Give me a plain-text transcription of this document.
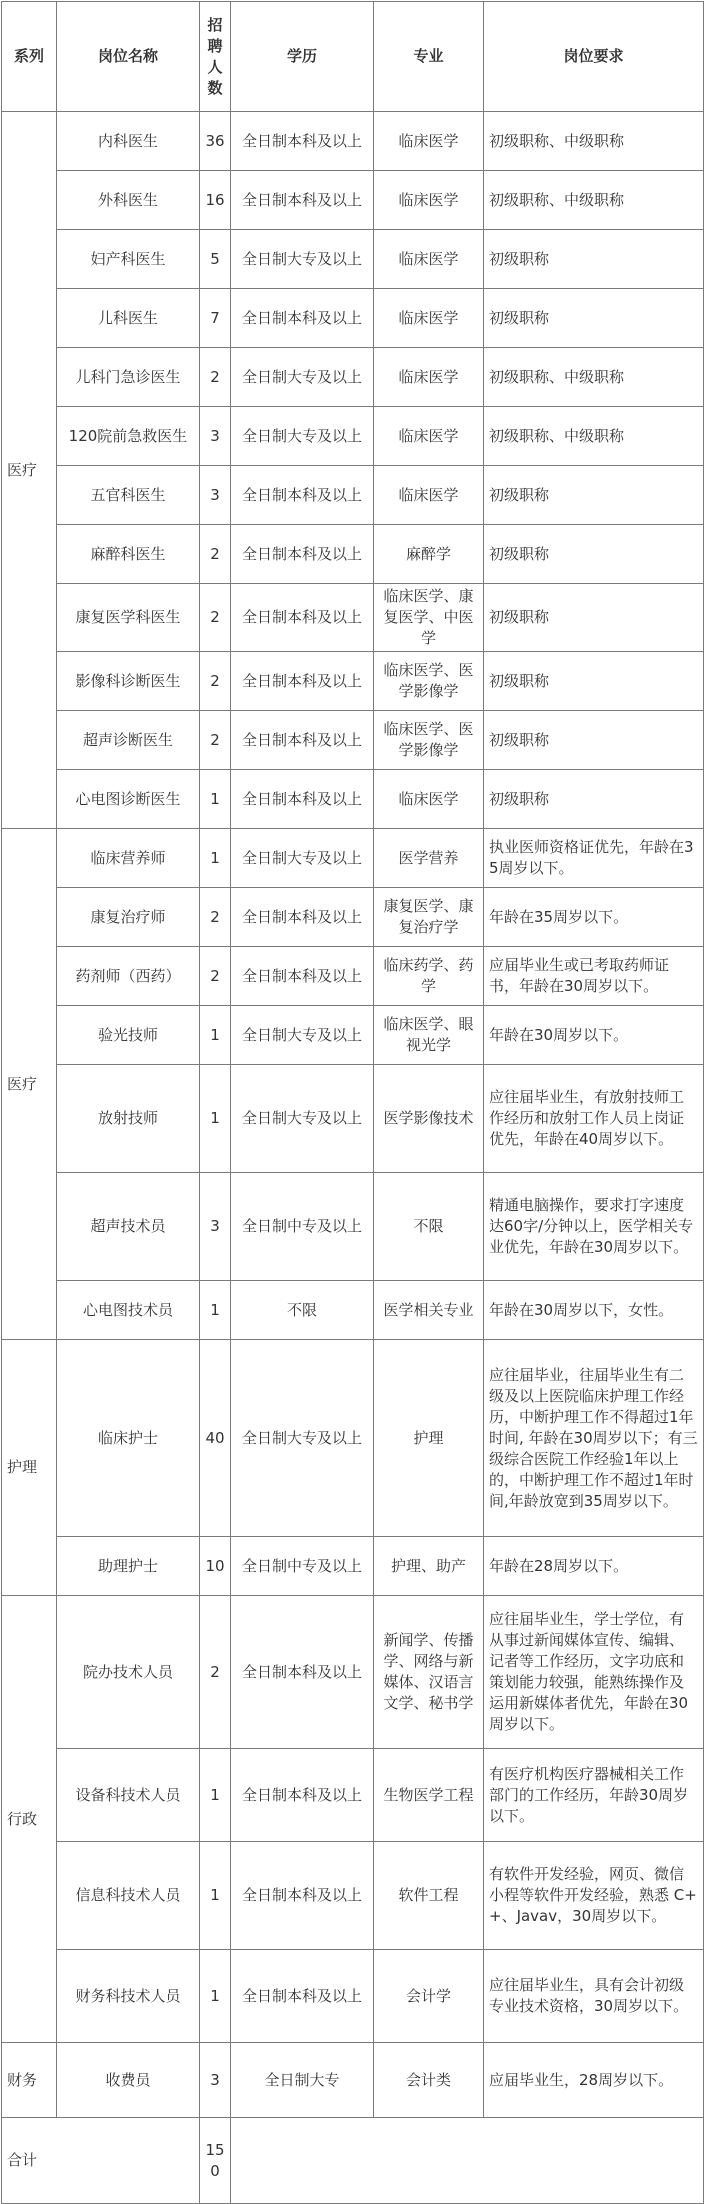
系列	岗位名称	招聘人数	学历	专业	岗位要求
医疗	内科医生	36	全日制本科及以上	临床医学	初级职称、中级职称
	外科医生	16	全日制本科及以上	临床医学	初级职称、中级职称
	妇产科医生	5	全日制大专及以上	临床医学	初级职称
	儿科医生	7	全日制本科及以上	临床医学	初级职称
	儿科门急诊医生	2	全日制大专及以上	临床医学	初级职称、中级职称
	120院前急救医生	3	全日制大专及以上	临床医学	初级职称、中级职称
	五官科医生	3	全日制本科及以上	临床医学	初级职称
	麻醉科医生	2	全日制本科及以上	麻醉学	初级职称
	康复医学科医生	2	全日制本科及以上	临床医学、康复医学、中医学	初级职称
	影像科诊断医生	2	全日制本科及以上	临床医学、医学影像学	初级职称
	超声诊断医生	2	全日制本科及以上	临床医学、医学影像学	初级职称
	心电图诊断医生	1	全日制本科及以上	临床医学	初级职称
医疗	临床营养师	1	全日制大专及以上	医学营养	执业医师资格证优先，年龄在35周岁以下。
	康复治疗师	2	全日制本科及以上	康复医学、康复治疗学	年龄在35周岁以下。
	药剂师（西药）	2	全日制本科及以上	临床药学、药学	应届毕业生或已考取药师证书，年龄在30周岁以下。
	验光技师	1	全日制大专及以上	临床医学、眼视光学	年龄在30周岁以下。
	放射技师	1	全日制大专及以上	医学影像技术	应往届毕业生，有放射技师工作经历和放射工作人员上岗证优先，年龄在40周岁以下。
	超声技术员	3	全日制中专及以上	不限	精通电脑操作，要求打字速度达60字/分钟以上，医学相关专业优先，年龄在30周岁以下。
	心电图技术员	1	不限	医学相关专业	年龄在30周岁以下，女性。
护理	临床护士	40	全日制大专及以上	护理	应往届毕业，往届毕业生有二级及以上医院临床护理工作经历，中断护理工作不得超过1年时间, 年龄在30周岁以下；有三级综合医院工作经验1年以上的，中断护理工作不超过1年时间,年龄放宽到35周岁以下。
	助理护士	10	全日制中专及以上	护理、助产	年龄在28周岁以下。
行政	院办技术人员	2	全日制本科及以上	新闻学、传播学、网络与新媒体、汉语言文学、秘书学	应往届毕业生，学士学位，有从事过新闻媒体宣传、编辑、记者等工作经历，文字功底和策划能力较强，能熟练操作及运用新媒体者优先，年龄在30周岁以下。
	设备科技术人员	1	全日制本科及以上	生物医学工程	有医疗机构医疗器械相关工作部门的工作经历，年龄30周岁以下。
	信息科技术人员	1	全日制本科及以上	软件工程	有软件开发经验，网页、微信小程等软件开发经验，熟悉 C++、Javav，30周岁以下。
	财务科技术人员	1	全日制本科及以上	会计学	应往届毕业生，具有会计初级专业技术资格，30周岁以下。
财务	收费员	3	全日制大专	会计类	应届毕业生，28周岁以下。
合计		150			
